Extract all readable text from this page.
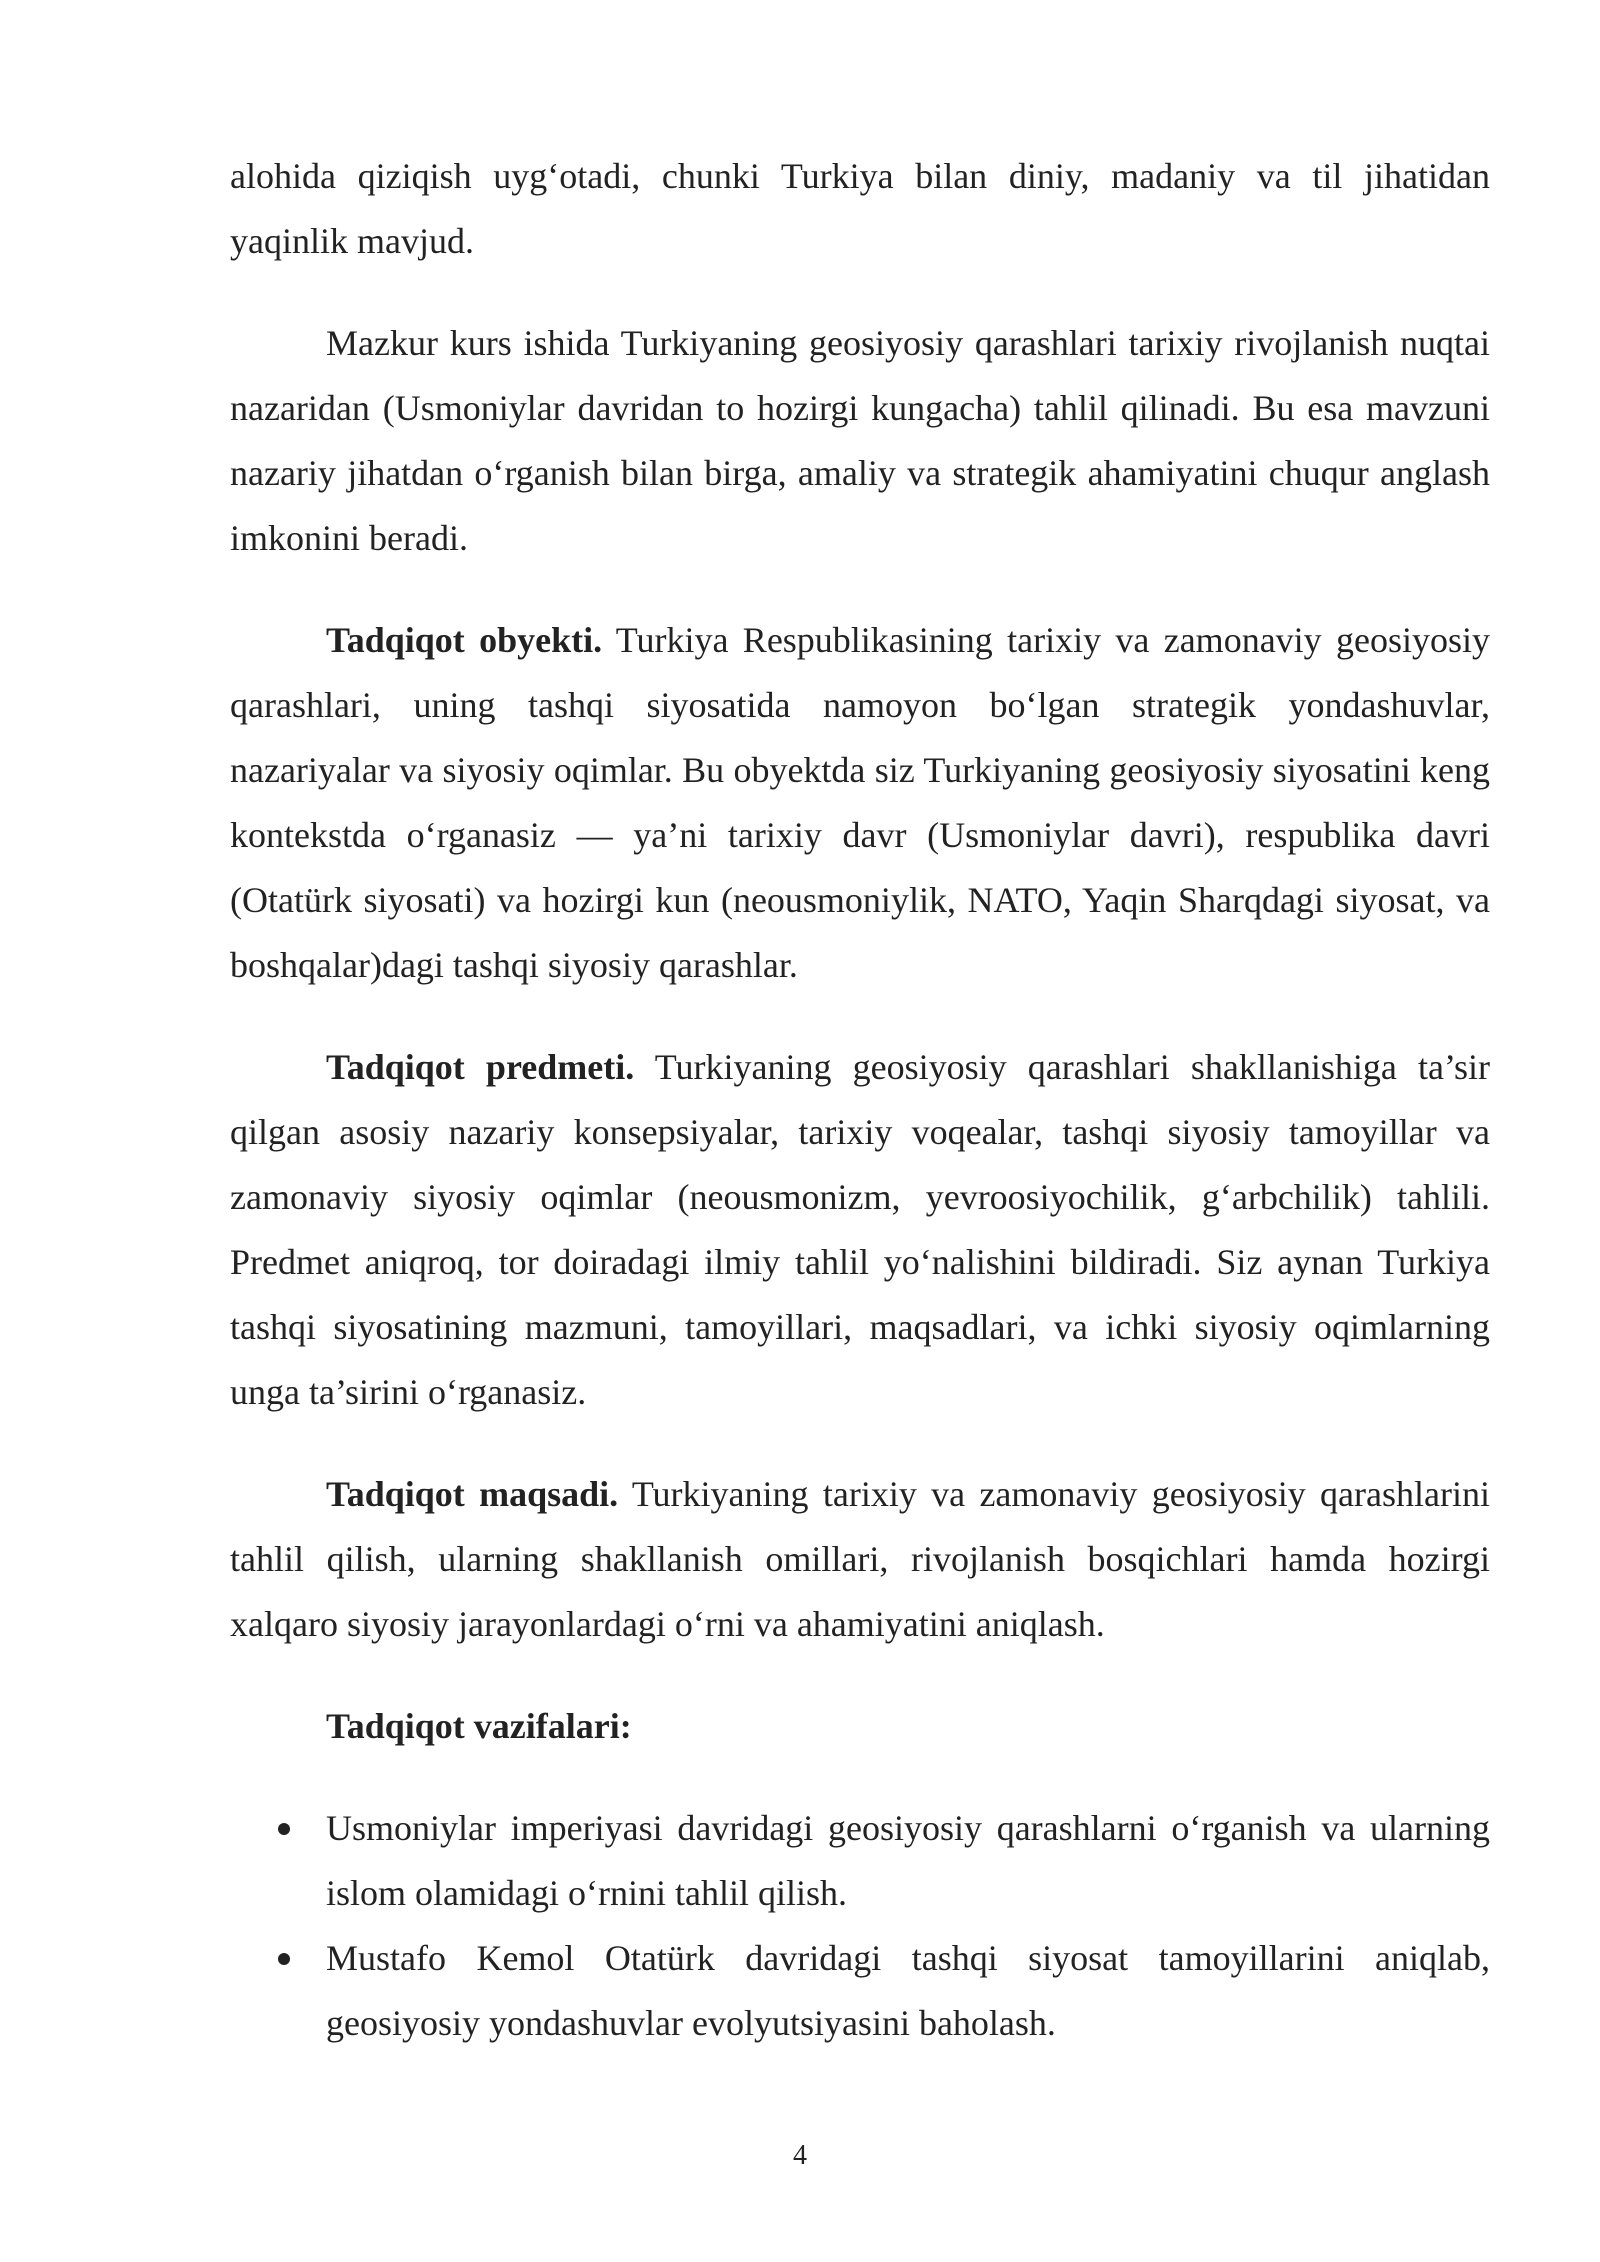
alohida qiziqish uyg‘otadi, chunki Turkiya bilan diniy, madaniy va til jihatidan yaqinlik mavjud.

Mazkur kurs ishida Turkiyaning geosiyosiy qarashlari tarixiy rivojlanish nuqtai nazaridan (Usmoniylar davridan to hozirgi kungacha) tahlil qilinadi. Bu esa mavzuni nazariy jihatdan o‘rganish bilan birga, amaliy va strategik ahamiyatini chuqur anglash imkonini beradi.

Tadqiqot obyekti. Turkiya Respublikasining tarixiy va zamonaviy geosiyosiy qarashlari, uning tashqi siyosatida namoyon bo‘lgan strategik yondashuvlar, nazariyalar va siyosiy oqimlar. Bu obyektda siz Turkiyaning geosiyosiy siyosatini keng kontekstda o‘rganasiz — ya’ni tarixiy davr (Usmoniylar davri), respublika davri (Otatürk siyosati) va hozirgi kun (neousmoniylik, NATO, Yaqin Sharqdagi siyosat, va boshqalar)dagi tashqi siyosiy qarashlar.

Tadqiqot predmeti. Turkiyaning geosiyosiy qarashlari shakllanishiga ta’sir qilgan asosiy nazariy konsepsiyalar, tarixiy voqealar, tashqi siyosiy tamoyillar va zamonaviy siyosiy oqimlar (neousmonizm, yevroosiyochilik, g‘arbchilik) tahlili. Predmet aniqroq, tor doiradagi ilmiy tahlil yo‘nalishini bildiradi. Siz aynan Turkiya tashqi siyosatining mazmuni, tamoyillari, maqsadlari, va ichki siyosiy oqimlarning unga ta’sirini o‘rganasiz.

Tadqiqot maqsadi. Turkiyaning tarixiy va zamonaviy geosiyosiy qarashlarini tahlil qilish, ularning shakllanish omillari, rivojlanish bosqichlari hamda hozirgi xalqaro siyosiy jarayonlardagi o‘rni va ahamiyatini aniqlash.

Tadqiqot vazifalari:

Usmoniylar imperiyasi davridagi geosiyosiy qarashlarni o‘rganish va ularning islom olamidagi o‘rnini tahlil qilish.
Mustafo Kemol Otatürk davridagi tashqi siyosat tamoyillarini aniqlab, geosiyosiy yondashuvlar evolyutsiyasini baholash.
4
